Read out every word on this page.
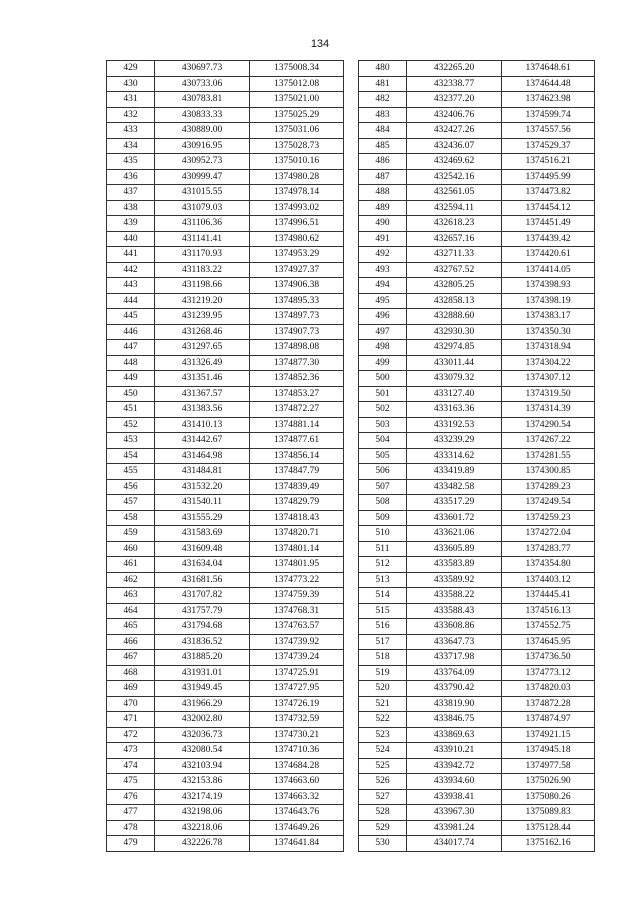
134
429	430697.73	1375008.34
430	430733.06	1375012.08
431	430783.81	1375021.00
432	430833.33	1375025.29
433	430889.00	1375031.06
434	430916.95	1375028.73
435	430952.73	1375010.16
436	430999.47	1374980.28
437	431015.55	1374978.14
438	431079.03	1374993.02
439	431106.36	1374996.51
440	431141.41	1374980.62
441	431170.93	1374953.29
442	431183.22	1374927.37
443	431198.66	1374906.38
444	431219.20	1374895.33
445	431239.95	1374897.73
446	431268.46	1374907.73
447	431297.65	1374898.08
448	431326.49	1374877.30
449	431351.46	1374852.36
450	431367.57	1374853.27
451	431383.56	1374872.27
452	431410.13	1374881.14
453	431442.67	1374877.61
454	431464.98	1374856.14
455	431484.81	1374847.79
456	431532.20	1374839.49
457	431540.11	1374829.79
458	431555.29	1374818.43
459	431583.69	1374820.71
460	431609.48	1374801.14
461	431634.04	1374801.95
462	431681.56	1374773.22
463	431707.82	1374759.39
464	431757.79	1374768.31
465	431794.68	1374763.57
466	431836.52	1374739.92
467	431885.20	1374739.24
468	431931.01	1374725.91
469	431949.45	1374727.95
470	431966.29	1374726.19
471	432002.80	1374732.59
472	432036.73	1374730.21
473	432080.54	1374710.36
474	432103.94	1374684.28
475	432153.86	1374663.60
476	432174.19	1374663.32
477	432198.06	1374643.76
478	432218.06	1374649.26
479	432226.78	1374641.84
480	432265.20	1374648.61
481	432338.77	1374644.48
482	432377.20	1374623.98
483	432406.76	1374599.74
484	432427.26	1374557.56
485	432436.07	1374529.37
486	432469.62	1374516.21
487	432542.16	1374495.99
488	432561.05	1374473.82
489	432594.11	1374454.12
490	432618.23	1374451.49
491	432657.16	1374439.42
492	432711.33	1374420.61
493	432767.52	1374414.05
494	432805.25	1374398.93
495	432858.13	1374398.19
496	432888.60	1374383.17
497	432930.30	1374350.30
498	432974.85	1374318.94
499	433011.44	1374304.22
500	433079.32	1374307.12
501	433127.40	1374319.50
502	433163.36	1374314.39
503	433192.53	1374290.54
504	433239.29	1374267.22
505	433314.62	1374281.55
506	433419.89	1374300.85
507	433482.58	1374289.23
508	433517.29	1374249.54
509	433601.72	1374259.23
510	433621.06	1374272.04
511	433605.89	1374283.77
512	433583.89	1374354.80
513	433589.92	1374403.12
514	433588.22	1374445.41
515	433588.43	1374516.13
516	433608.86	1374552.75
517	433647.73	1374645.95
518	433717.98	1374736.50
519	433764.09	1374773.12
520	433790.42	1374820.03
521	433819.90	1374872.28
522	433846.75	1374874.97
523	433869.63	1374921.15
524	433910.21	1374945.18
525	433942.72	1374977.58
526	433934.60	1375026.90
527	433938.41	1375080.26
528	433967.30	1375089.83
529	433981.24	1375128.44
530	434017.74	1375162.16
